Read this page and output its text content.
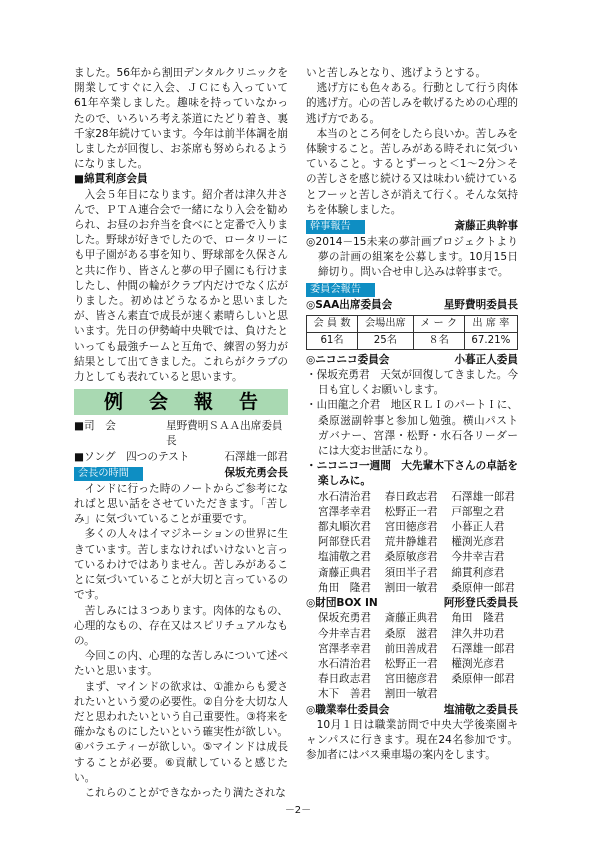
ました。56年から割田デンタルクリニックを開業してすぐに入会、ＪＣにも入っていて61年卒業しました。趣味を持っていなかったので、いろいろ考え茶道にたどり着き、裏千家28年続けています。今年は前半体調を崩しましたが回復し、お茶席も努められるようになりました。

■綿貫利彦会員

入会５年目になります。紹介者は津久井さんで、ＰＴＡ連合会で一緒になり入会を勧められ、お昼のお弁当を食べにと定番で入りました。野球が好きでしたので、ロータリーにも甲子園がある事を知り、野球部を久保さんと共に作り、皆さんと夢の甲子園にも行けましたし、仲間の輪がクラブ内だけでなく広がりました。初めはどうなるかと思いましたが、皆さん素直で成長が速く素晴らしいと思います。先日の伊勢崎中央戦では、負けたといっても最強チームと互角で、練習の努力が結果として出てきました。これらがクラブの力としても表れていると思います。

例会報告
■司　会	星野費明ＳＡＡ出席委員長
■ソング　四つのテスト	石澤雄一郎君
会長の時間	保坂充勇会長

インドに行った時のノートからご参考になればと思い話をさせていただきます。「苦しみ」に気づいていることが重要です。

多くの人々はイマジネーションの世界に生きています。苦しまなければいけないと言っているわけではありません。苦しみがあることに気づいていることが大切と言っているのです。

苦しみには３つあります。肉体的なもの、心理的なもの、存在又はスピリチュアルなもの。

今回この内、心理的な苦しみについて述べたいと思います。

まず、マインドの欲求は、①誰からも愛されたいという愛の必要性。②自分を大切な人だと思われたいという自己重要性。③将来を確かなものにしたいという確実性が欲しい。④バラエティーが欲しい。⑤マインドは成長することが必要。⑥貢献していると感じたい。

これらのことができなかったり満たされな

いと苦しみとなり、逃げようとする。

逃げ方にも色々ある。行動として行う肉体的逃げ方。心の苦しみを軟げるための心理的逃げ方である。

本当のところ何をしたら良いか。苦しみを体験すること。苦しみがある時それに気づいていること。するとずーっと＜1～2分＞その苦しさを感じ続ける又は味わい続けているとフーッと苦しさが消えて行く。そんな気持ちを体験しました。

幹事報告	斎藤正典幹事

◎2014－15未来の夢計画プロジェクトより夢の計画の組案を公募します。10月15日締切り。問い合せ申し込みは幹事まで。

委員会報告
◎SAA出席委員会	星野費明委員長
会 員 数	会場出席	メ ー ク	出 席 率
61名	25名	８名	67.21%
◎ニコニコ委員会	小暮正人委員

・保坂充勇君　天気が回復してきました。今日も宜しくお願いします。

・山田龍之介君　地区ＲＬＩのパートＩに、桑原滋副幹事と参加し勉強。横山パストガバナー、宮澤・松野・水石各リーダーには大変お世話になり。

・ニコニコ一週間　大先輩木下さんの卓話を楽しみに。

水石清治君	春日政志君	石澤雄一郎君
宮澤孝幸君	松野正一君	戸部聖之君
都丸順次君	宮田徳彦君	小暮正人君
阿部登氏君	荒井静雄君	權渕光彦君
塩浦敬之君	桑原敏彦君	今井幸吉君
斎藤正典君	須田半子君	綿貫利彦君
角田　隆君	割田一敏君	桑原伸一郎君
◎財団BOX IN	阿形登氏委員長
保坂充勇君	斎藤正典君	角田　隆君
今井幸吉君	桑原　滋君	津久井功君
宮澤孝幸君	前田善成君	石澤雄一郎君
水石清治君	松野正一君	權渕光彦君
春日政志君	宮田徳彦君	桑原伸一郎君
木下　善君	割田一敏君
◎職業奉仕委員会	塩浦敬之委員長

10月１日は職業訪問で中央大学後楽園キャンパスに行きます。現在24名参加です。参加者にはバス乗車場の案内をします。

－2－
